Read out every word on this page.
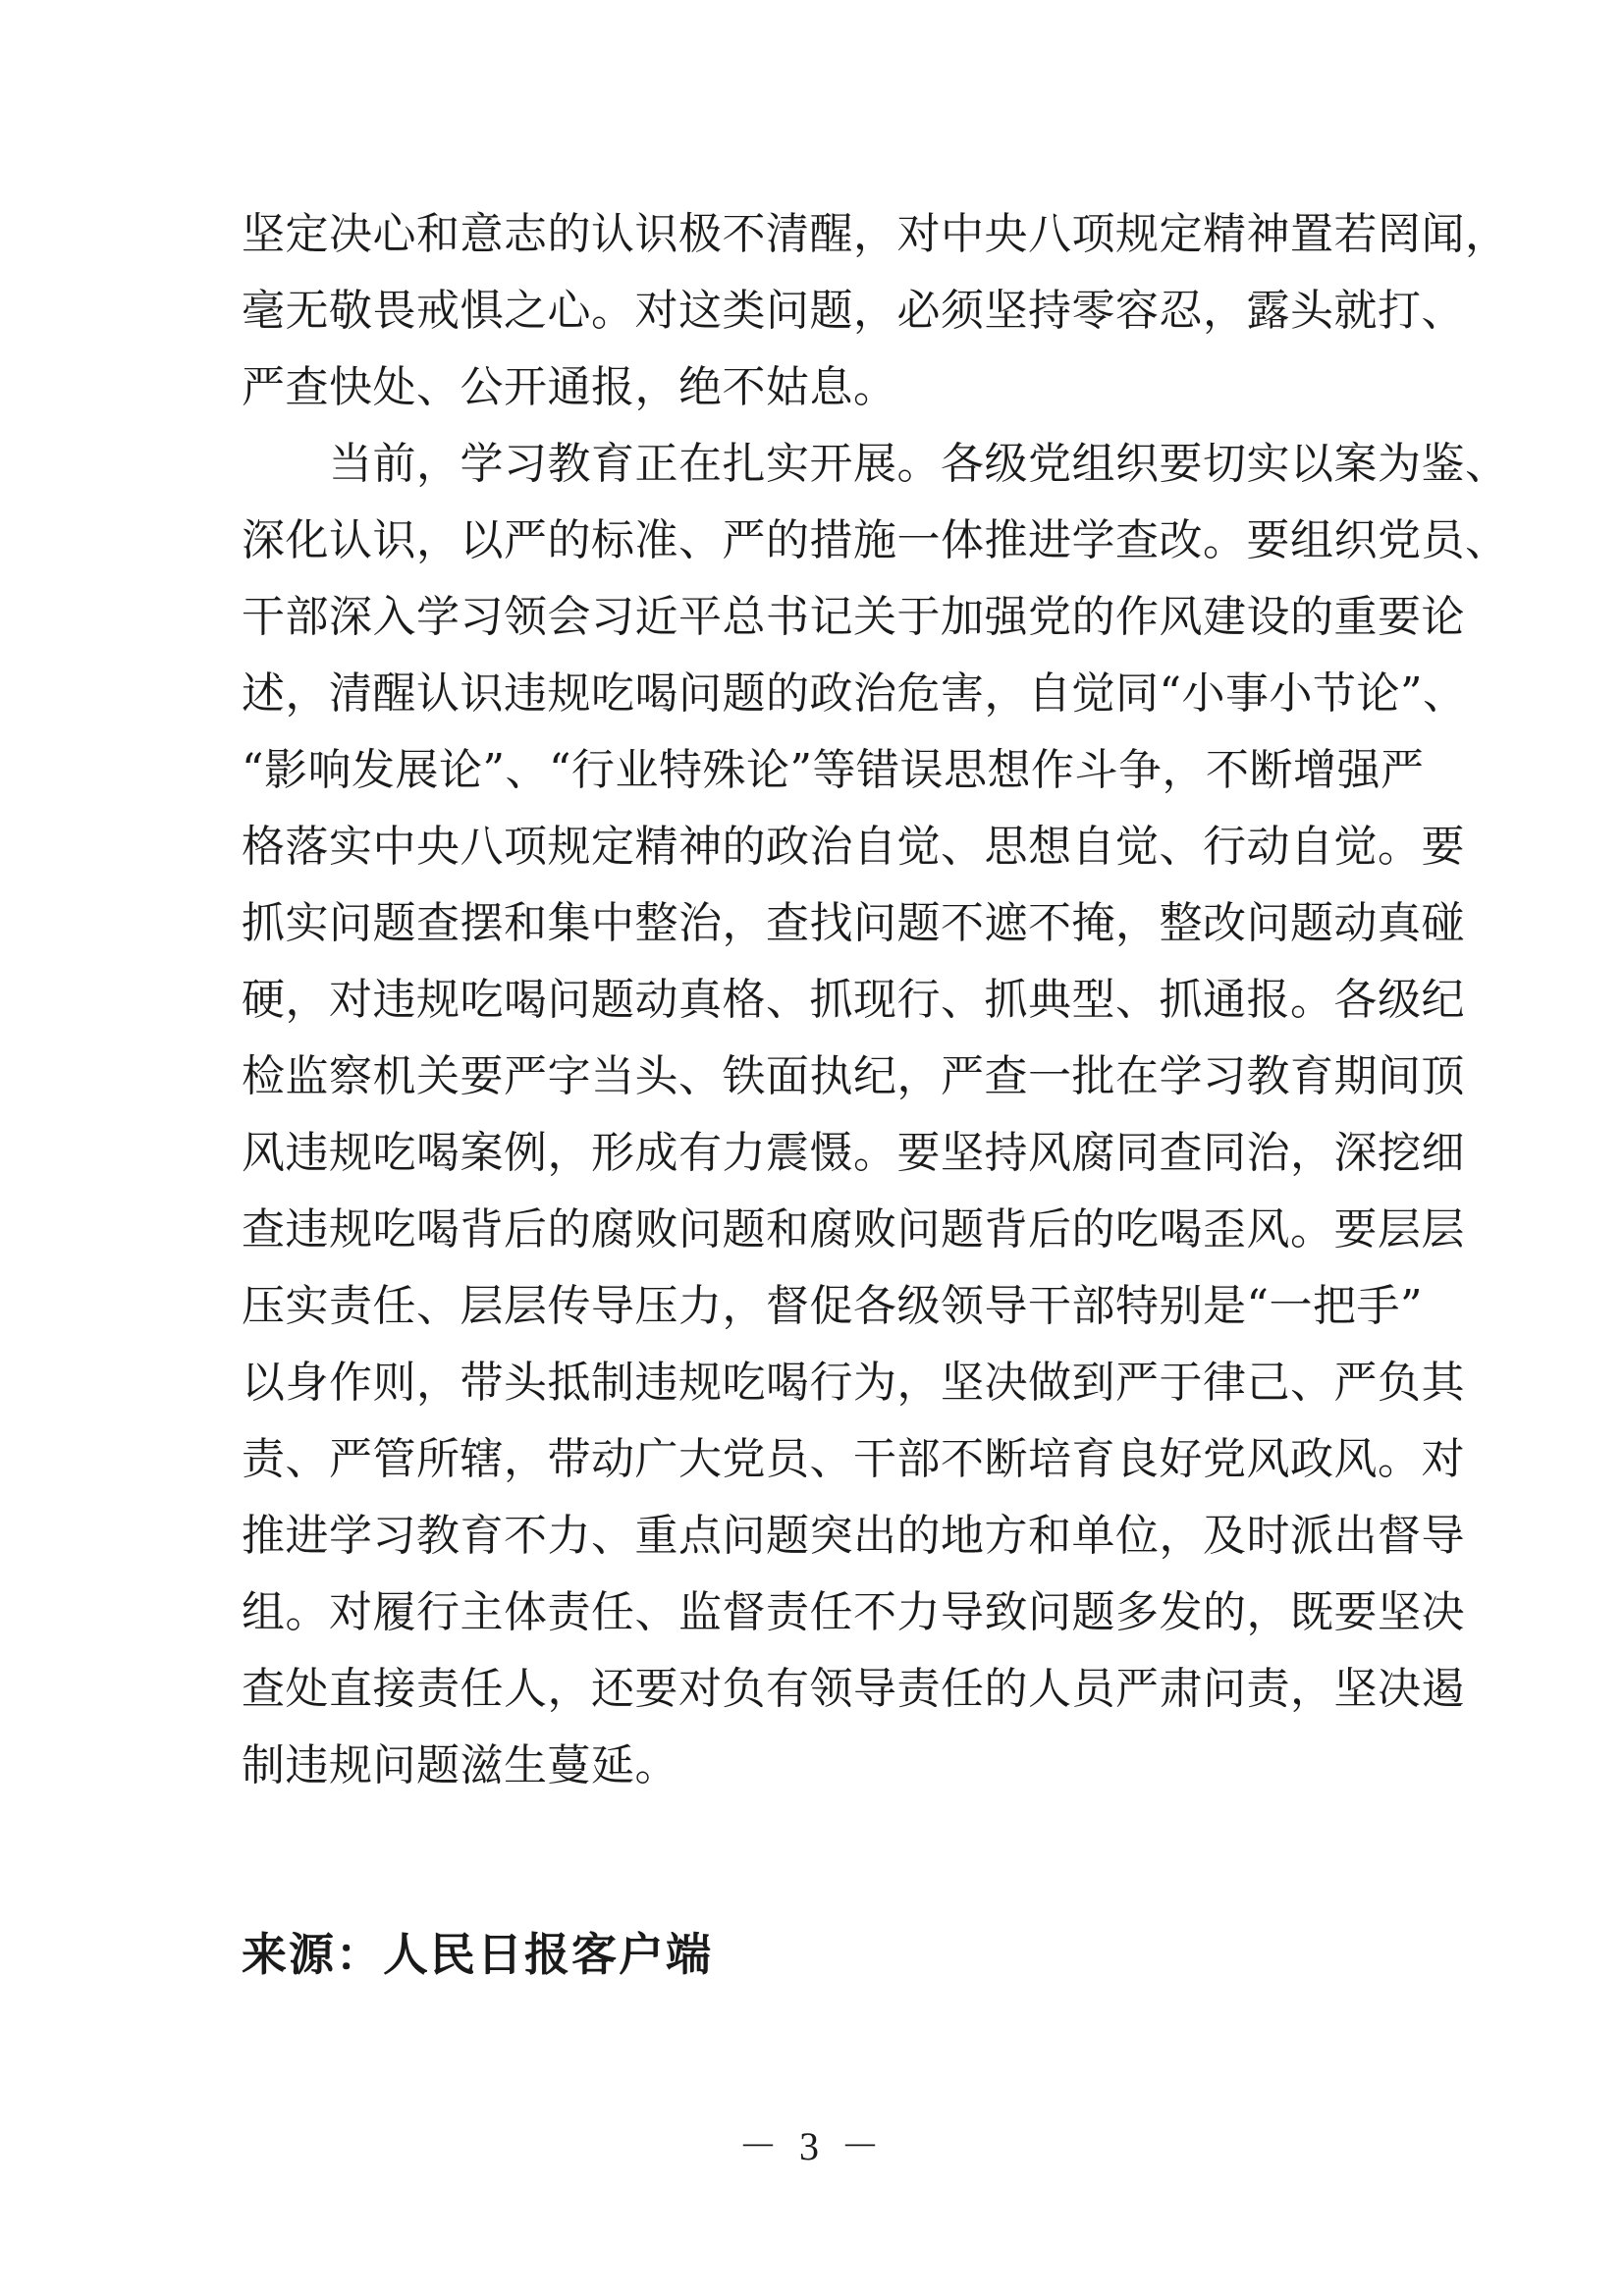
坚定决心和意志的认识极不清醒，对中央八项规定精神置若罔闻，
毫无敬畏戒惧之心。对这类问题，必须坚持零容忍，露头就打、
严查快处、公开通报，绝不姑息。
　　当前，学习教育正在扎实开展。各级党组织要切实以案为鉴、
深化认识，以严的标准、严的措施一体推进学查改。要组织党员、
干部深入学习领会习近平总书记关于加强党的作风建设的重要论
述，清醒认识违规吃喝问题的政治危害，自觉同“小事小节论”、
“影响发展论”、“行业特殊论”等错误思想作斗争，不断增强严
格落实中央八项规定精神的政治自觉、思想自觉、行动自觉。要
抓实问题查摆和集中整治，查找问题不遮不掩，整改问题动真碰
硬，对违规吃喝问题动真格、抓现行、抓典型、抓通报。各级纪
检监察机关要严字当头、铁面执纪，严查一批在学习教育期间顶
风违规吃喝案例，形成有力震慑。要坚持风腐同查同治，深挖细
查违规吃喝背后的腐败问题和腐败问题背后的吃喝歪风。要层层
压实责任、层层传导压力，督促各级领导干部特别是“一把手”
以身作则，带头抵制违规吃喝行为，坚决做到严于律己、严负其
责、严管所辖，带动广大党员、干部不断培育良好党风政风。对
推进学习教育不力、重点问题突出的地方和单位，及时派出督导
组。对履行主体责任、监督责任不力导致问题多发的，既要坚决
查处直接责任人，还要对负有领导责任的人员严肃问责，坚决遏
制违规问题滋生蔓延。
来源：人民日报客户端
－ 3 －
